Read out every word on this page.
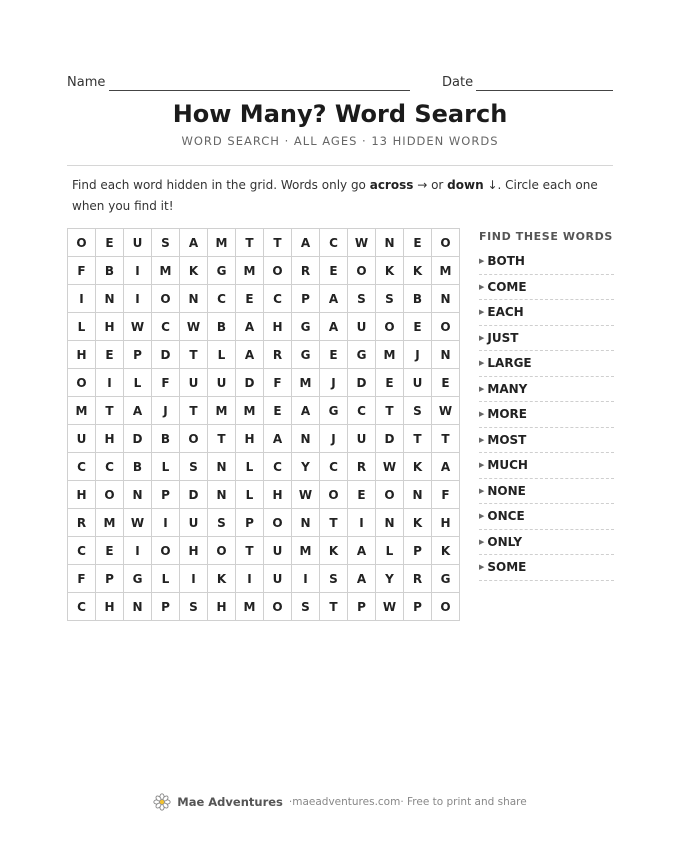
Name	Date
How Many? Word Search
WORD SEARCH · ALL AGES · 13 HIDDEN WORDS
Find each word hidden in the grid. Words only go across → or down ↓. Circle each one when you find it!
O	E	U	S	A	M	T	T	A	C	W	N	E	O
F	B	I	M	K	G	M	O	R	E	O	K	K	M
I	N	I	O	N	C	E	C	P	A	S	S	B	N
L	H	W	C	W	B	A	H	G	A	U	O	E	O
H	E	P	D	T	L	A	R	G	E	G	M	J	N
O	I	L	F	U	U	D	F	M	J	D	E	U	E
M	T	A	J	T	M	M	E	A	G	C	T	S	W
U	H	D	B	O	T	H	A	N	J	U	D	T	T
C	C	B	L	S	N	L	C	Y	C	R	W	K	A
H	O	N	P	D	N	L	H	W	O	E	O	N	F
R	M	W	I	U	S	P	O	N	T	I	N	K	H
C	E	I	O	H	O	T	U	M	K	A	L	P	K
F	P	G	L	I	K	I	U	I	S	A	Y	R	G
C	H	N	P	S	H	M	O	S	T	P	W	P	O
FIND THESE WORDS
▶ BOTH
▶ COME
▶ EACH
▶ JUST
▶ LARGE
▶ MANY
▶ MORE
▶ MOST
▶ MUCH
▶ NONE
▶ ONCE
▶ ONLY
▶ SOME
Mae Adventures · maeadventures.com · Free to print and share
